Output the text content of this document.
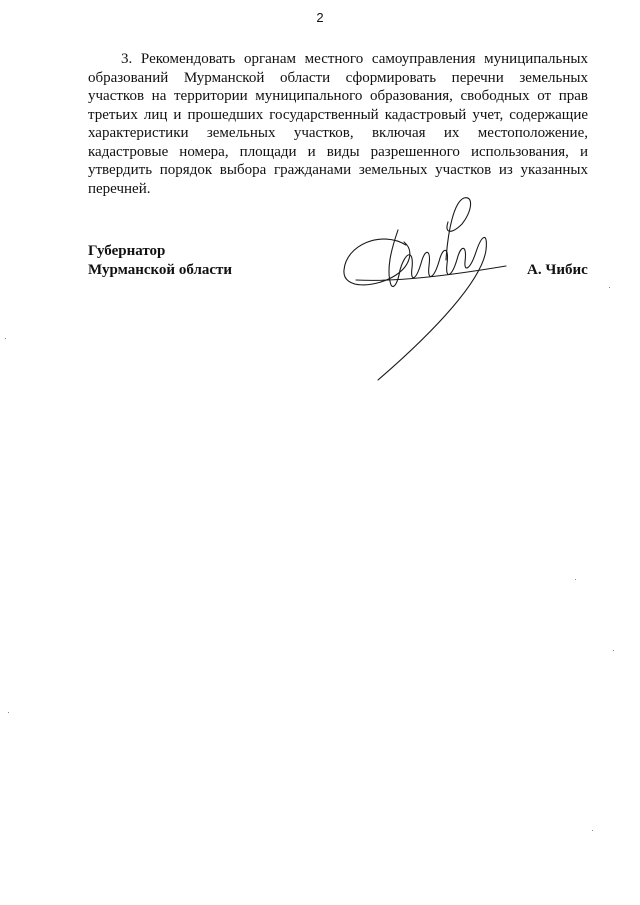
2

3. Рекомендовать органам местного самоуправления муниципальных образований Мурманской области сформировать перечни земельных участков на территории муниципального образования, свободных от прав третьих лиц и прошедших государственный кадастровый учет, содержащие характеристики земельных участков, включая их местоположение, кадастровые номера, площади и виды разрешенного использования, и утвердить порядок выбора гражданами земельных участков из указанных перечней.

Губернатор
Мурманской области	А. Чибис
